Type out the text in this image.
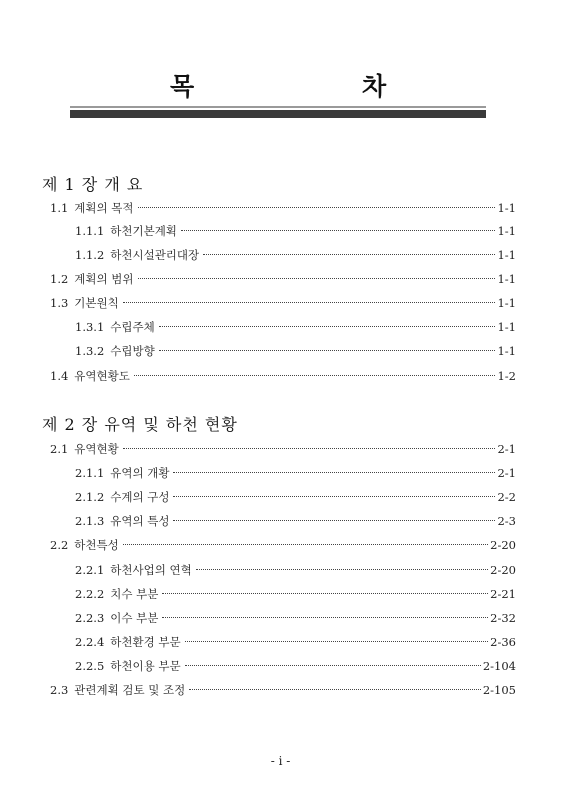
목	차
제 1 장 개 요
1.1 계획의 목적	1-1
1.1.1 하천기본계획	1-1
1.1.2 하천시설관리대장	1-1
1.2 계획의 범위	1-1
1.3 기본원칙	1-1
1.3.1 수립주체	1-1
1.3.2 수립방향	1-1
1.4 유역현황도	1-2
제 2 장 유역 및 하천 현황
2.1 유역현황	2-1
2.1.1 유역의 개황	2-1
2.1.2 수계의 구성	2-2
2.1.3 유역의 특성	2-3
2.2 하천특성	2-20
2.2.1 하천사업의 연혁	2-20
2.2.2 치수 부분	2-21
2.2.3 이수 부분	2-32
2.2.4 하천환경 부문	2-36
2.2.5 하천이용 부문	2-104
2.3 관련계획 검토 및 조정	2-105
- i -
